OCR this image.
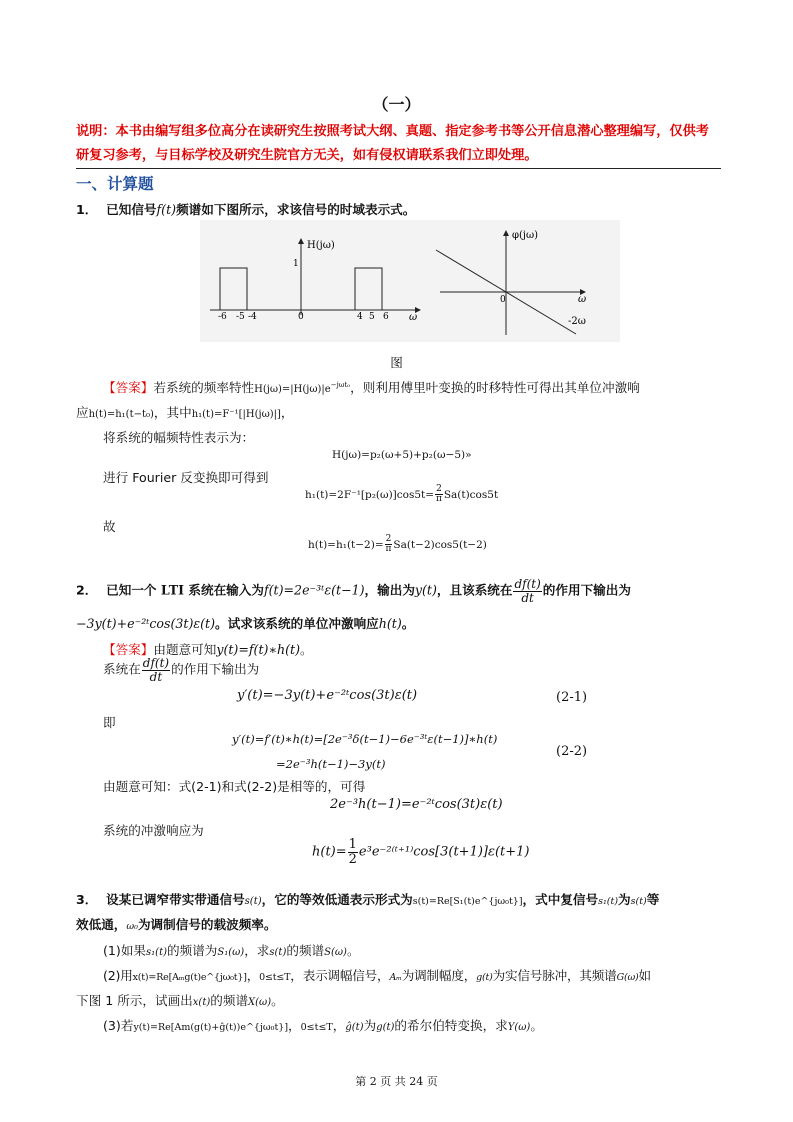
（一）
说明：本书由编写组多位高分在读研究生按照考试大纲、真题、指定参考书等公开信息潜心整理编写，仅供考研复习参考，与目标学校及研究生院官方无关，如有侵权请联系我们立即处理。
一、计算题
1． 已知信号f(t)频谱如下图所示，求该信号的时域表示式。
H(jω)
1
-6 -5 -4	0	4 5 6 ω
φ(jω)
0	ω
-2ω
图
【答案】若系统的频率特性$H(j\omega)=|H(j\omega)|e^{-j\omega t_0}$，则利用傅里叶变换的时移特性可得出其单位冲激响
应h(t)=h₁(t−t₀)，其中h₁(t)=F⁻¹[|H(jω)|]，
将系统的幅频特性表示为：
H(jω)=p₂(ω+5)+p₂(ω−5)»
进行 Fourier 反变换即可得到
$h_1(t)=2F^{-1}[p_2(\omega)]\cos 5t= \frac{2}{\pi} Sa(t)\cos 5t$
故
$h(t)=h_1(t-2)= \frac{2}{\pi} Sa(t-2)\cos 5(t-2)$
2． 已知一个 LTI 系统在输入为f(t)=2e⁻³ᵗε(t−1)，输出为y(t)，且该系统在 $\frac{df(t)}{dt}$ 的作用下输出为
−3y(t)+e⁻²ᵗcos(3t)ε(t)。试求该系统的单位冲激响应h(t)。
【答案】由题意可知y(t)=f(t)∗h(t)。
系统在 $\frac{df(t)}{dt}$ 的作用下输出为
y′(t)=−3y(t)+e⁻²ᵗcos(3t)ε(t)	(2-1)
即
y′(t)=f′(t)∗h(t)=[2e⁻³δ(t−1)−6e⁻³ᵗε(t−1)]∗h(t)
=2e⁻³h(t−1)−3y(t)
(2-2)
由题意可知：式(2-1)和式(2-2)是相等的，可得
2e⁻³h(t−1)=e⁻²ᵗcos(3t)ε(t)
系统的冲激响应为
$h(t)= \frac{1}{2}$ e³e⁻²⁽ᵗ⁺¹⁾cos[3(t+1)]ε(t+1)
3． 设某已调窄带实带通信号s(t)，它的等效低通表示形式为s(t)=Re[S₁(t)e^{jω₀t}]，式中复信号s₁(t)为s(t)等
效低通，ω₀为调制信号的载波频率。
(1)如果s₁(t)的频谱为S₁(ω)，求s(t)的频谱S(ω)。
(2)用x(t)=Re[Aₘg(t)e^{jω₀t}]，0≤t≤T，表示调幅信号，Aₘ为调制幅度，g(t)为实信号脉冲，其频谱G(ω)如
下图 1 所示，试画出x(t)的频谱X(ω)。
(3)若y(t)=Re[Am(g(t)+ĝ(t))e^{jω₀t}]，0≤t≤T，ĝ(t)为g(t)的希尔伯特变换，求Y(ω)。
第 2 页 共 24 页
